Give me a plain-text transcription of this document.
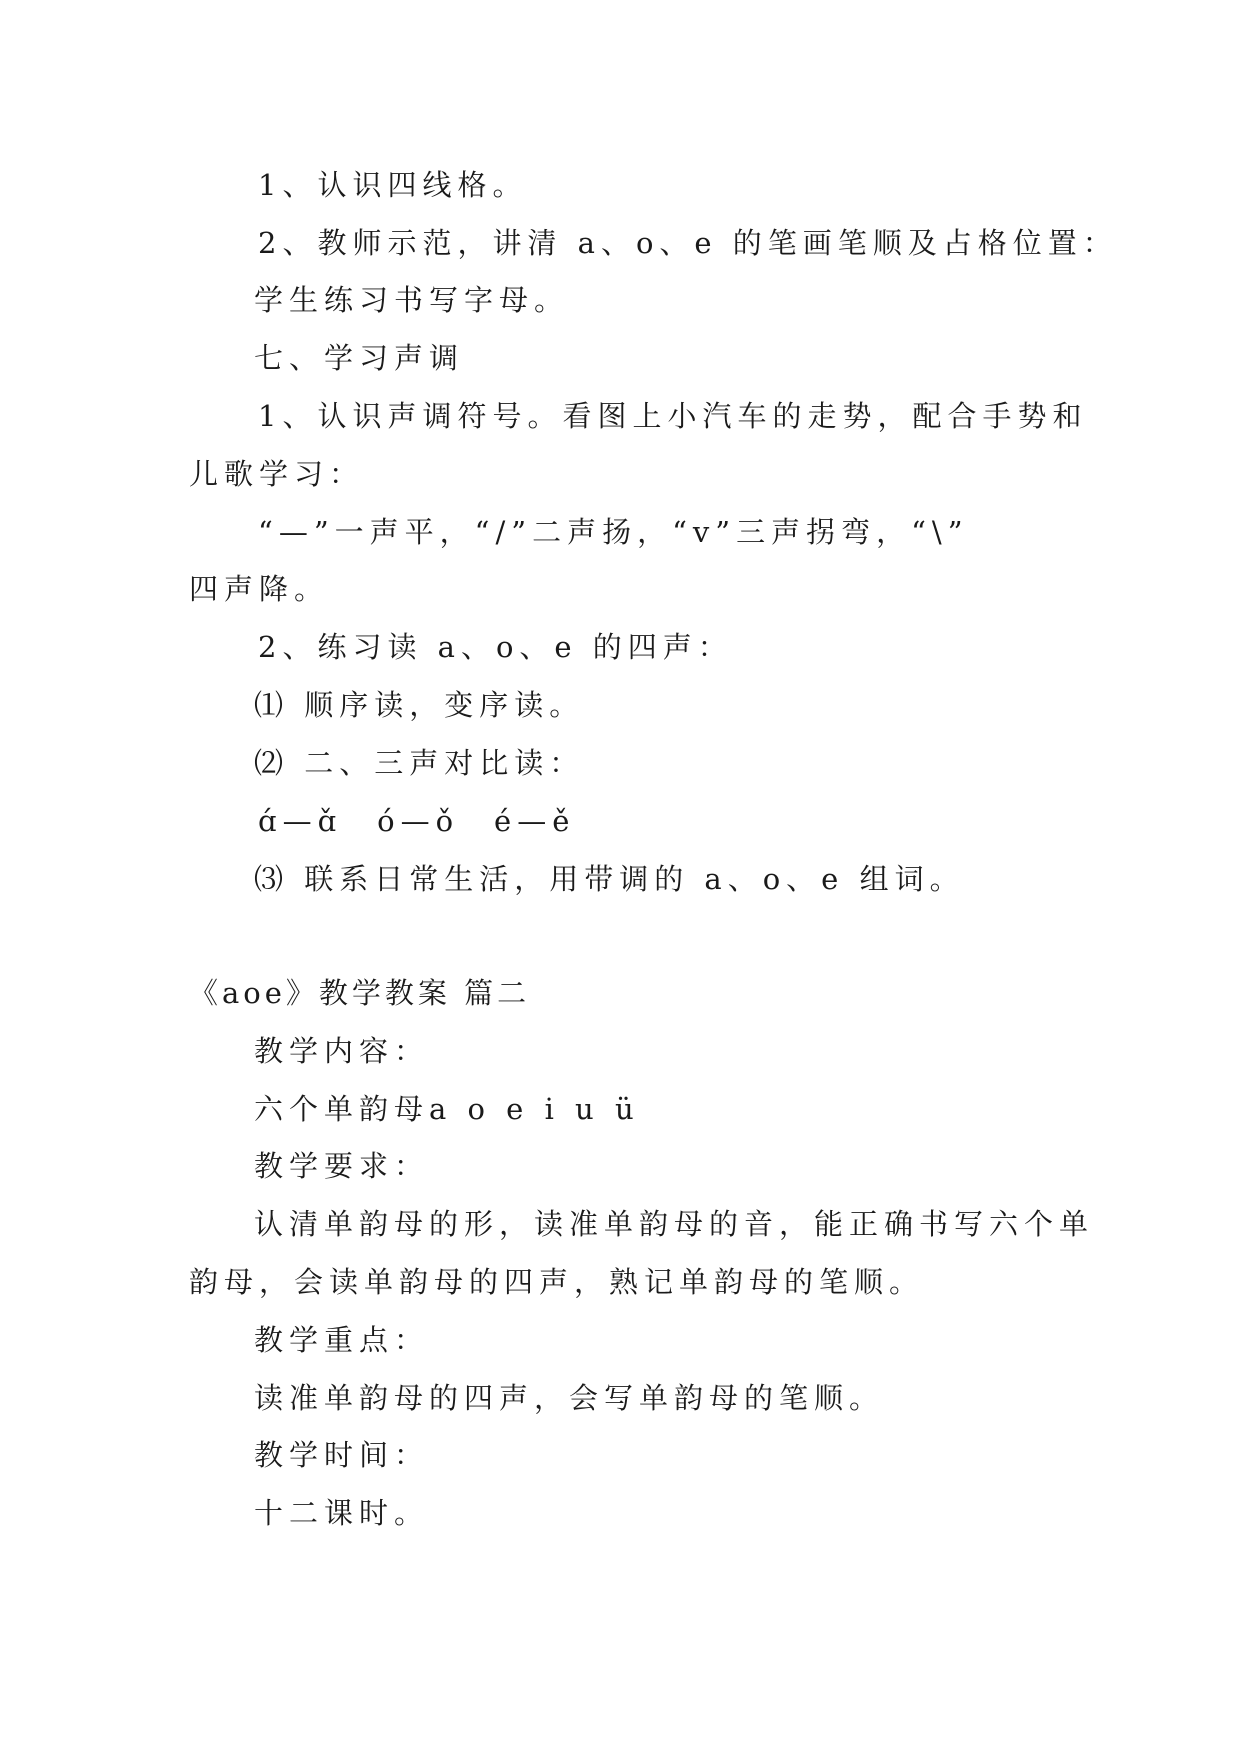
1、认识四线格。
2、教师示范，讲清 a、o、e 的笔画笔顺及占格位置：
学生练习书写字母。
七、学习声调
1、认识声调符号。看图上小汽车的走势，配合手势和
儿歌学习：
“—”一声平，“/”二声扬，“v”三声拐弯，“\”
四声降。
2、练习读 a、o、e 的四声：
⑴ 顺序读，变序读。
⑵ 二、三声对比读：
ɑ́—ɑ̌　ó—ǒ　é—ě
⑶ 联系日常生活，用带调的 a、o、e 组词。
《aoe》教学教案 篇二
教学内容：
六个单韵母a o e i u ü
教学要求：
认清单韵母的形，读准单韵母的音，能正确书写六个单
韵母，会读单韵母的四声，熟记单韵母的笔顺。
教学重点：
读准单韵母的四声，会写单韵母的笔顺。
教学时间：
十二课时。
